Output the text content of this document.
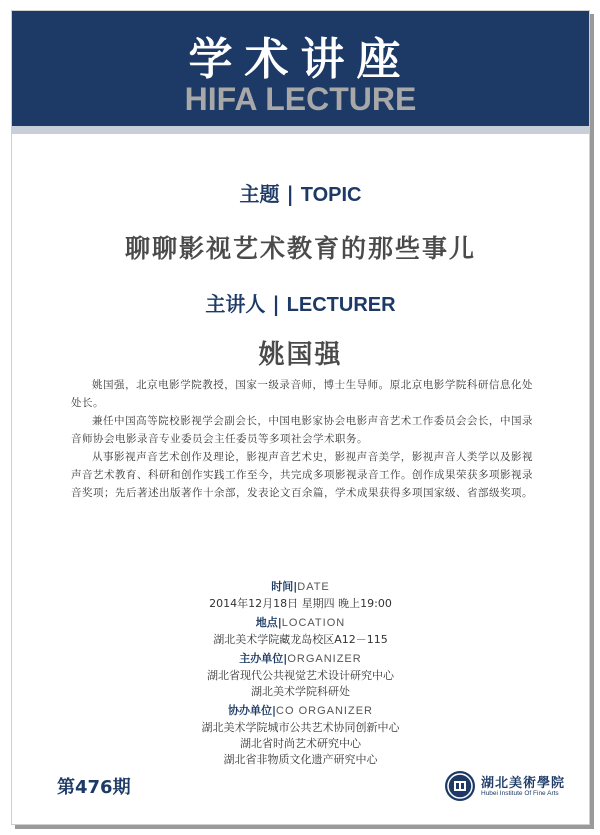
学术讲座
HIFA LECTURE
主题 | TOPIC
聊聊影视艺术教育的那些事儿
主讲人 | LECTURER
姚国强

姚国强，北京电影学院教授，国家一级录音师，博士生导师。原北京电影学院科研信息化处处长。

兼任中国高等院校影视学会副会长，中国电影家协会电影声音艺术工作委员会会长，中国录音师协会电影录音专业委员会主任委员等多项社会学术职务。

从事影视声音艺术创作及理论，影视声音艺术史，影视声音美学，影视声音人类学以及影视声音艺术教育、科研和创作实践工作至今，共完成多项影视录音工作。创作成果荣获多项影视录音奖项；先后著述出版著作十余部，发表论文百余篇，学术成果获得多项国家级、省部级奖项。

时间|DATE
2014年12月18日 星期四 晚上19:00
地点|LOCATION
湖北美术学院藏龙岛校区A12－115
主办单位|ORGANIZER
湖北省现代公共视觉艺术设计研究中心
湖北美术学院科研处
协办单位|CO ORGANIZER
湖北美术学院城市公共艺术协同创新中心
湖北省时尚艺术研究中心
湖北省非物质文化遗产研究中心
第476期	湖北美術學院
Hubei Institute Of Fine Arts
